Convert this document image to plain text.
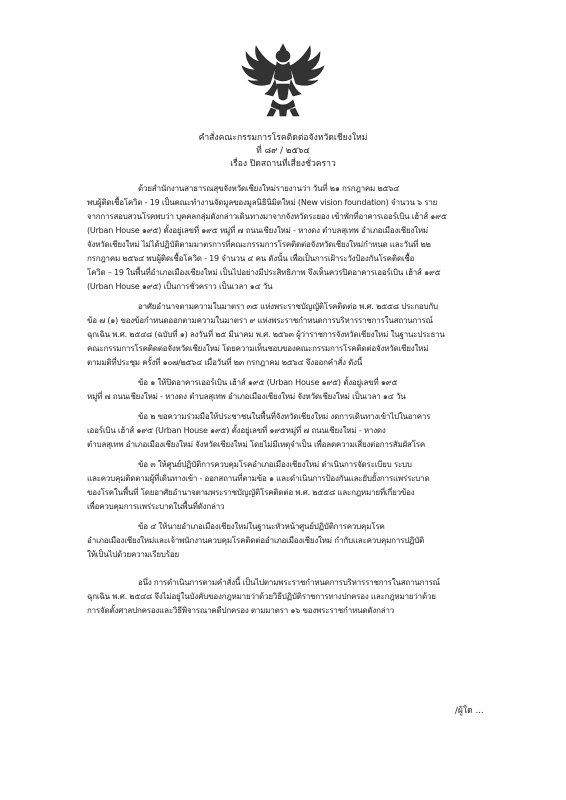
คำสั่งคณะกรรมการโรคติดต่อจังหวัดเชียงใหม่
ที่ ๘๙ / ๒๕๖๔
เรื่อง ปิดสถานที่เสี่ยงชั่วคราว
ด้วยสำนักงานสาธารณสุขจังหวัดเชียงใหม่รายงานว่า วันที่ ๒๑ กรกฎาคม ๒๕๖๔
พบผู้ติดเชื้อโควิด - 19 เป็นคณะทำงานจัดมูลของมูลนิธินิมิตใหม่ (New vision foundation) จำนวน ๖ ราย
จากการสอบสวนโรคพบว่า บุคคลกลุ่มดังกล่าวเดินทางมาจากจังหวัดระยอง เข้าพักที่อาคารเออร์เบิน เฮ้าส์ ๑๙๕
(Urban House ๑๙๕) ตั้งอยู่เลขที่ ๑๙๕ หมู่ที่ ๗ ถนนเชียงใหม่ - หางดง ตำบลสุเทพ อำเภอเมืองเชียงใหม่
จังหวัดเชียงใหม่ ไม่ได้ปฏิบัติตามมาตรการที่คณะกรรมการโรคติดต่อจังหวัดเชียงใหม่กำหนด และวันที่ ๒๒
กรกฎาคม ๒๕๖๔ พบผู้ติดเชื้อโควิด - 19 จำนวน ๔ คน ดังนั้น เพื่อเป็นการเฝ้าระวังป้องกันโรคติดเชื้อ
โควิด – 19 ในพื้นที่อำเภอเมืองเชียงใหม่ เป็นไปอย่างมีประสิทธิภาพ จึงเห็นควรปิดอาคารเออร์เบิน เฮ้าส์ ๑๙๕
(Urban House ๑๙๕) เป็นการชั่วคราว เป็นเวลา ๑๔ วัน
อาศัยอำนาจตามความในมาตรา ๓๕ แห่งพระราชบัญญัติโรคติดต่อ พ.ศ. ๒๕๕๘ ประกอบกับ
ข้อ ๗ (๑) ของข้อกำหนดออกตามความในมาตรา ๙ แห่งพระราชกำหนดการบริหารราชการในสถานการณ์
ฉุกเฉิน พ.ศ. ๒๕๔๘ (ฉบับที่ ๑) ลงวันที่ ๒๕ มีนาคม พ.ศ. ๒๕๖๓ ผู้ว่าราชการจังหวัดเชียงใหม่ ในฐานะประธาน
คณะกรรมการโรคติดต่อจังหวัดเชียงใหม่ โดยความเห็นชอบของคณะกรรมการโรคติดต่อจังหวัดเชียงใหม่
ตามมติที่ประชุม ครั้งที่ ๑๐๗/๒๕๖๔ เมื่อวันที่ ๒๓ กรกฎาคม ๒๕๖๔ จึงออกคำสั่ง ดังนี้
ข้อ ๑ ให้ปิดอาคารเออร์เบิน เฮ้าส์ ๑๙๕ (Urban House ๑๙๕) ตั้งอยู่เลขที่ ๑๙๕
หมู่ที่ ๗ ถนนเชียงใหม่ - หางดง ตำบลสุเทพ อำเภอเมืองเชียงใหม่ จังหวัดเชียงใหม่ เป็นเวลา ๑๔ วัน
ข้อ ๒ ขอความร่วมมือให้ประชาชนในพื้นที่จังหวัดเชียงใหม่ งดการเดินทางเข้าไปในอาคาร
เออร์เบิน เฮ้าส์ ๑๙๕ (Urban House ๑๙๕) ตั้งอยู่เลขที่ ๑๙๕หมู่ที่ ๗ ถนนเชียงใหม่ - หางดง
ตำบลสุเทพ อำเภอเมืองเชียงใหม่ จังหวัดเชียงใหม่ โดยไม่มีเหตุจำเป็น เพื่อลดความเสี่ยงต่อการสัมผัสโรค
ข้อ ๓ ให้ศูนย์ปฏิบัติการควบคุมโรคอำเภอเมืองเชียงใหม่ ดำเนินการจัดระเบียบ ระบบ
และควบคุมติดตามผู้ที่เดินทางเข้า - ออกสถานที่ตามข้อ ๑ และดำเนินการป้องกันและยับยั้งการแพร่ระบาด
ของโรคในพื้นที่ โดยอาศัยอำนาจตามพระราชบัญญัติโรคติดต่อ พ.ศ. ๒๕๕๘ และกฎหมายที่เกี่ยวข้อง
เพื่อควบคุมการแพร่ระบาดในพื้นที่ดังกล่าว
ข้อ ๔ ให้นายอำเภอเมืองเชียงใหม่ในฐานะหัวหน้าศูนย์ปฏิบัติการควบคุมโรค
อำเภอเมืองเชียงใหม่และเจ้าพนักงานควบคุมโรคติดต่ออำเภอเมืองเชียงใหม่ กำกับและควบคุมการปฏิบัติ
ให้เป็นไปด้วยความเรียบร้อย
อนึ่ง การดำเนินการตามคำสั่งนี้ เป็นไปตามพระราชกำหนดการบริหารราชการในสถานการณ์
ฉุกเฉิน พ.ศ. ๒๕๔๘ จึงไม่อยู่ในบังคับของกฎหมายว่าด้วยวิธีปฏิบัติราชการทางปกครอง และกฎหมายว่าด้วย
การจัดตั้งศาลปกครองและวิธีพิจารณาคดีปกครอง ตามมาตรา ๑๖ ของพระราชกำหนดดังกล่าว
/ผู้ใด ...
